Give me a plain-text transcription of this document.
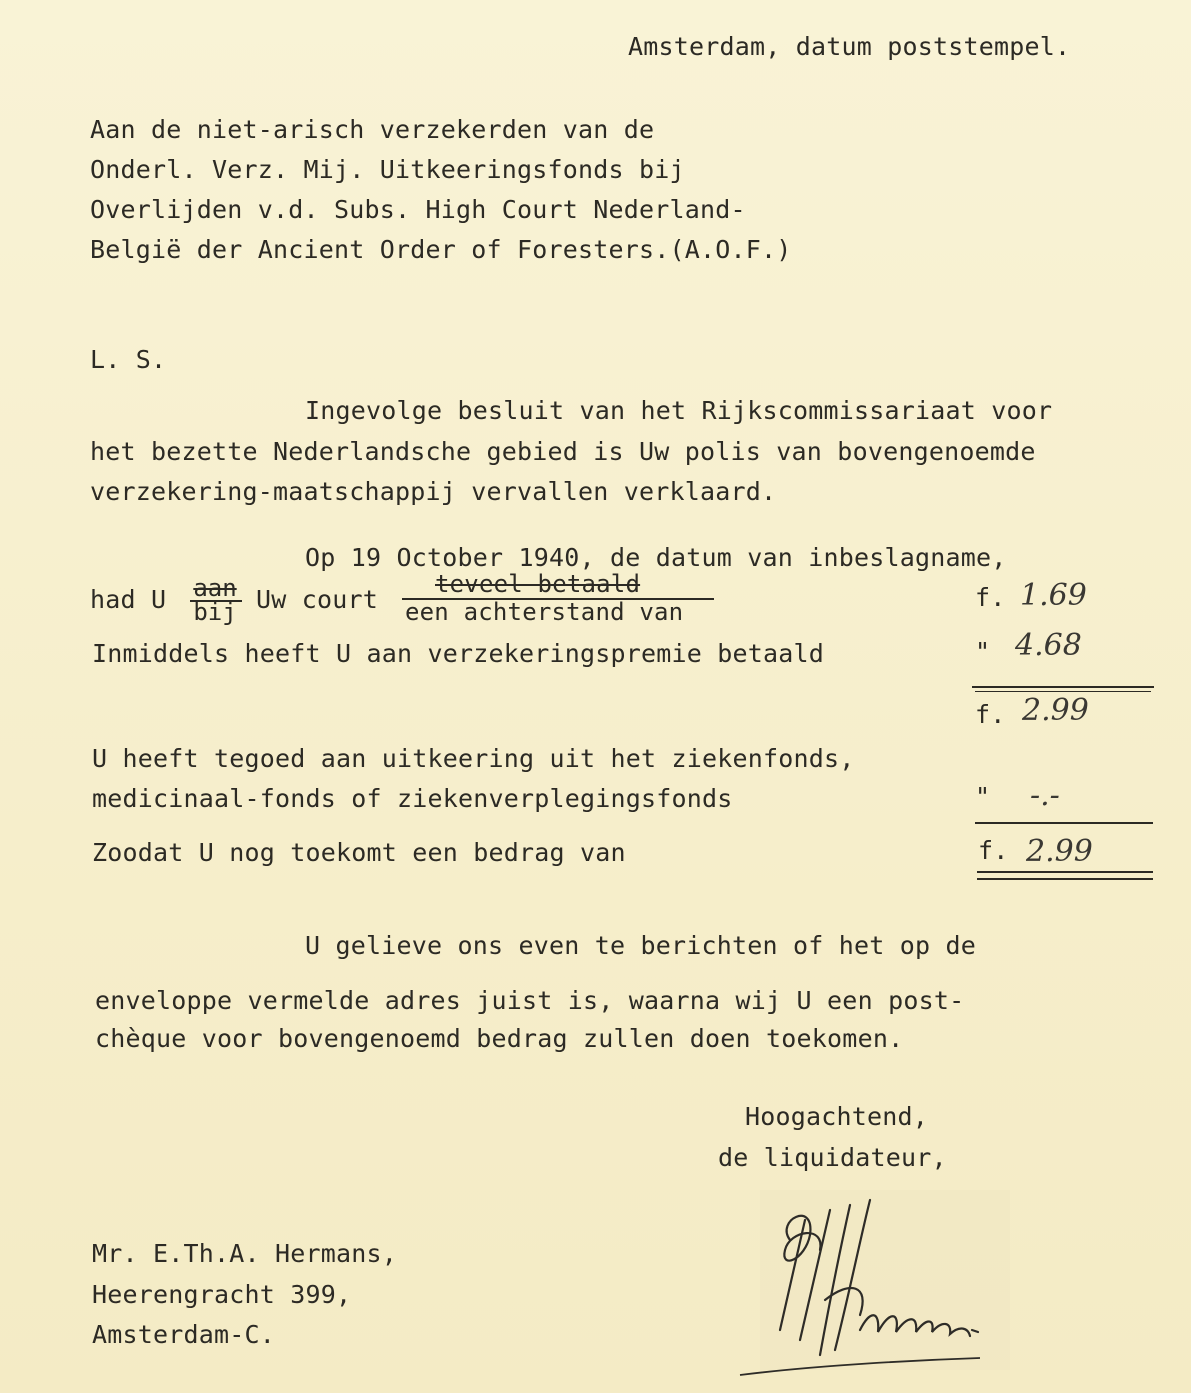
Amsterdam, datum poststempel.
Aan de niet-arisch verzekerden van de
Onderl. Verz. Mij. Uitkeeringsfonds bij
Overlijden v.d. Subs. High Court Nederland-
België der Ancient Order of Foresters.(A.O.F.)
L. S.
Ingevolge besluit van het Rijkscommissariaat voor
het bezette Nederlandsche gebied is Uw polis van bovengenoemde
verzekering-maatschappij vervallen verklaard.
Op 19 October 1940, de datum van inbeslagname,
had U aan
bij Uw court
teveel betaald
een achterstand van	f. 1.69
Inmiddels heeft U aan verzekeringspremie betaald	" 4.68
f. 2.99
U heeft tegoed aan uitkeering uit het ziekenfonds,
medicinaal-fonds of ziekenverplegingsfonds	" -.-
Zoodat U nog toekomt een bedrag van	f. 2.99
U gelieve ons even te berichten of het op de
enveloppe vermelde adres juist is, waarna wij U een post-
chèque voor bovengenoemd bedrag zullen doen toekomen.
Hoogachtend,
de liquidateur,
Mr. E.Th.A. Hermans,
Heerengracht 399,
Amsterdam-C.
